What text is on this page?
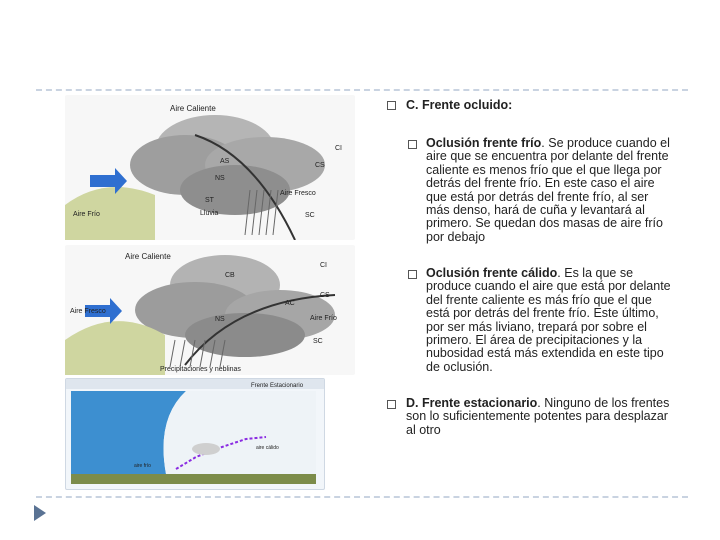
Aire Caliente
CI
CS
AS
NS
ST
Aire Fresco
SC
Aire Frío	Lluvia
Aire Caliente
CB
CI
CS
AC
NS
Aire Fresco
Aire Frío
SC
Precipitaciones y neblinas
Frente Estacionario
aire cálido
aire frío
C. Frente ocluido:
Oclusión frente frío. Se produce cuando el
aire que se encuentra por delante del frente
caliente es menos frío que el que llega por
detrás del frente frío. En este caso el aire
que está por detrás del frente frío, al ser
más denso, hará de cuña y levantará al
primero. Se quedan dos masas de aire frío
por debajo
Oclusión frente cálido. Es la que se
produce cuando el aire que está por delante
del frente caliente es más frío que el que
está por detrás del frente frío. Este último,
por ser más liviano, trepará por sobre el
primero. El área de precipitaciones y la
nubosidad está más extendida en este tipo
de oclusión.
D. Frente estacionario. Ninguno de los frentes
son lo suficientemente potentes para desplazar
al otro
